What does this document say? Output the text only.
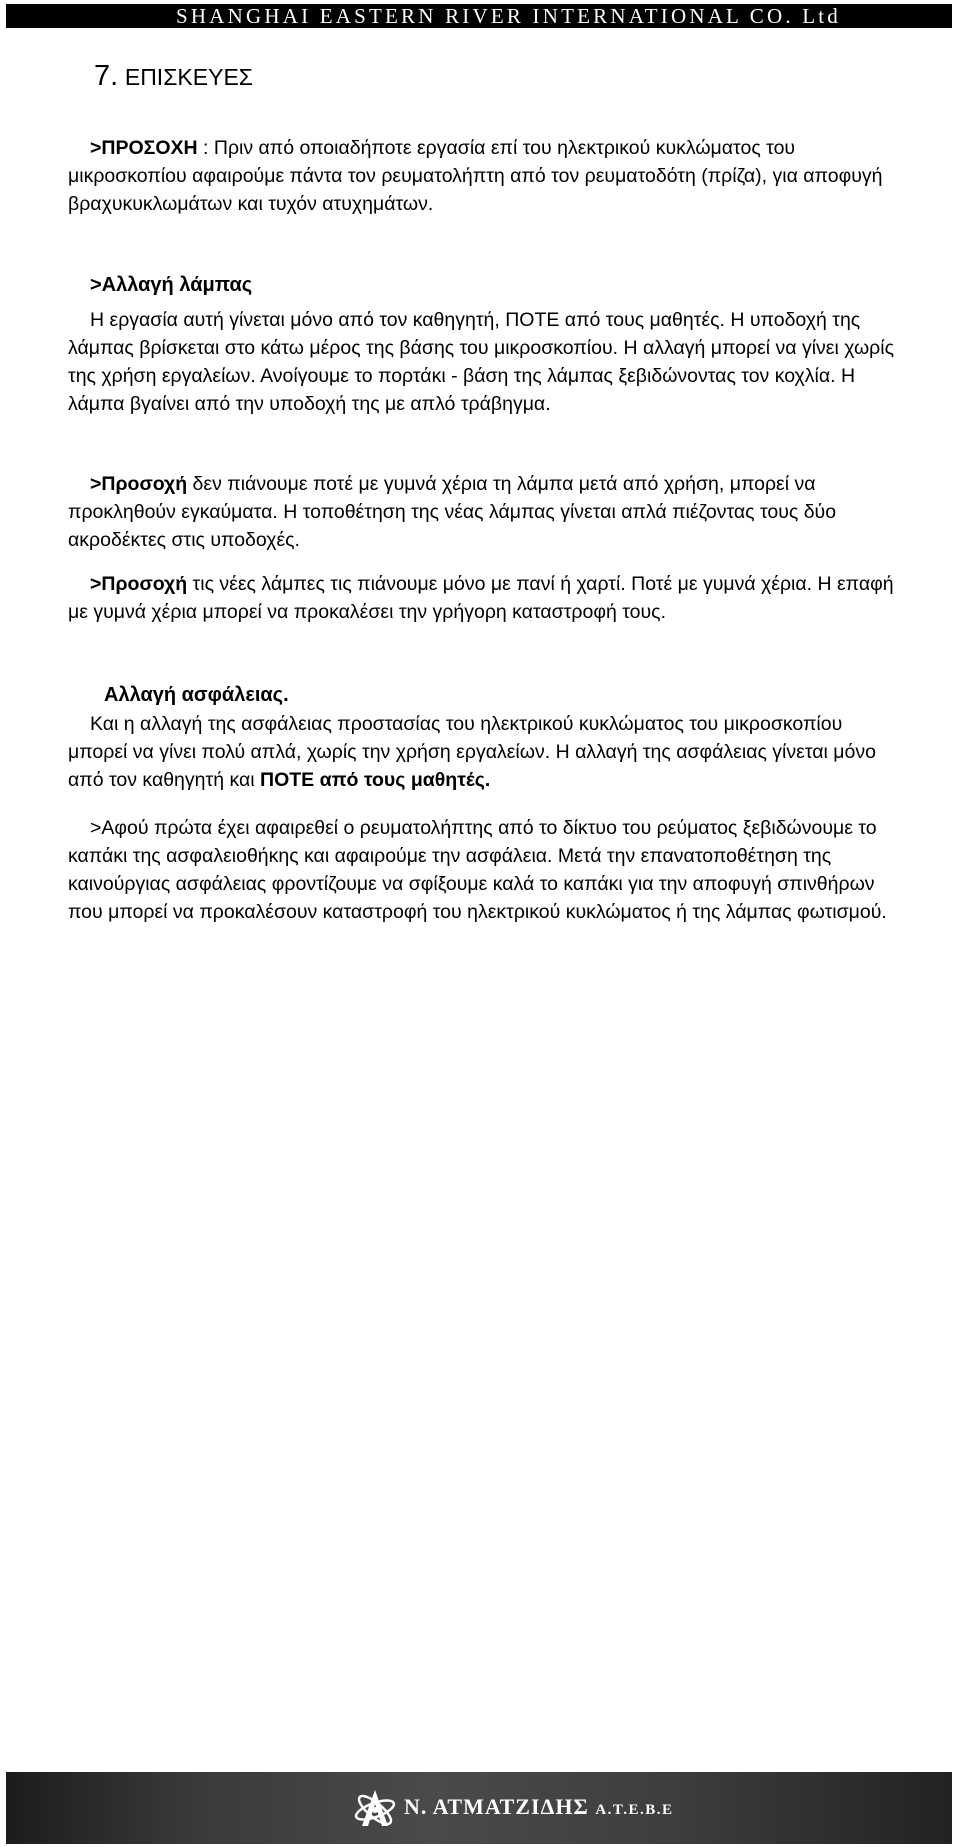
SHANGHAI EASTERN RIVER INTERNATIONAL CO. Ltd
7. ΕΠΙΣΚΕΥΕΣ

>ΠΡΟΣΟΧΗ : Πριν από οποιαδήποτε εργασία επί του ηλεκτρικού κυκλώματος του μικροσκοπίου αφαιρούμε πάντα τον ρευματολήπτη από τον ρευματοδότη (πρίζα), για αποφυγή βραχυκυκλωμάτων και τυχόν ατυχημάτων.

>Αλλαγή λάμπας

Η εργασία αυτή γίνεται μόνο από τον καθηγητή, ΠΟΤΕ από τους μαθητές. Η υποδοχή της λάμπας βρίσκεται στο κάτω μέρος της βάσης του μικροσκοπίου. Η αλλαγή μπορεί να γίνει χωρίς της χρήση εργαλείων. Ανοίγουμε το πορτάκι - βάση της λάμπας ξεβιδώνοντας τον κοχλία. Η λάμπα βγαίνει από την υποδοχή της με απλό τράβηγμα.

>Προσοχή δεν πιάνουμε ποτέ με γυμνά χέρια τη λάμπα μετά από χρήση, μπορεί να προκληθούν εγκαύματα. Η τοποθέτηση της νέας λάμπας γίνεται απλά πιέζοντας τους δύο ακροδέκτες στις υποδοχές.

>Προσοχή τις νέες λάμπες τις πιάνουμε μόνο με πανί ή χαρτί. Ποτέ με γυμνά χέρια. Η επαφή με γυμνά χέρια μπορεί να προκαλέσει την γρήγορη καταστροφή τους.

Αλλαγή ασφάλειας.

Και η αλλαγή της ασφάλειας προστασίας του ηλεκτρικού κυκλώματος του μικροσκοπίου μπορεί να γίνει πολύ απλά, χωρίς την χρήση εργαλείων. Η αλλαγή της ασφάλειας γίνεται μόνο από τον καθηγητή και ΠΟΤΕ από τους μαθητές.

>Αφού πρώτα έχει αφαιρεθεί ο ρευματολήπτης από το δίκτυο του ρεύματος ξεβιδώνουμε το καπάκι της ασφαλειοθήκης και αφαιρούμε την ασφάλεια. Μετά την επανατοποθέτηση της καινούργιας ασφάλειας φροντίζουμε να σφίξουμε καλά το καπάκι για την αποφυγή σπινθήρων που μπορεί να προκαλέσουν καταστροφή του ηλεκτρικού κυκλώματος ή της λάμπας φωτισμού.

Ν. ΑΤΜΑΤΖΙΔΗΣ Α.Τ.Ε.Β.Ε
